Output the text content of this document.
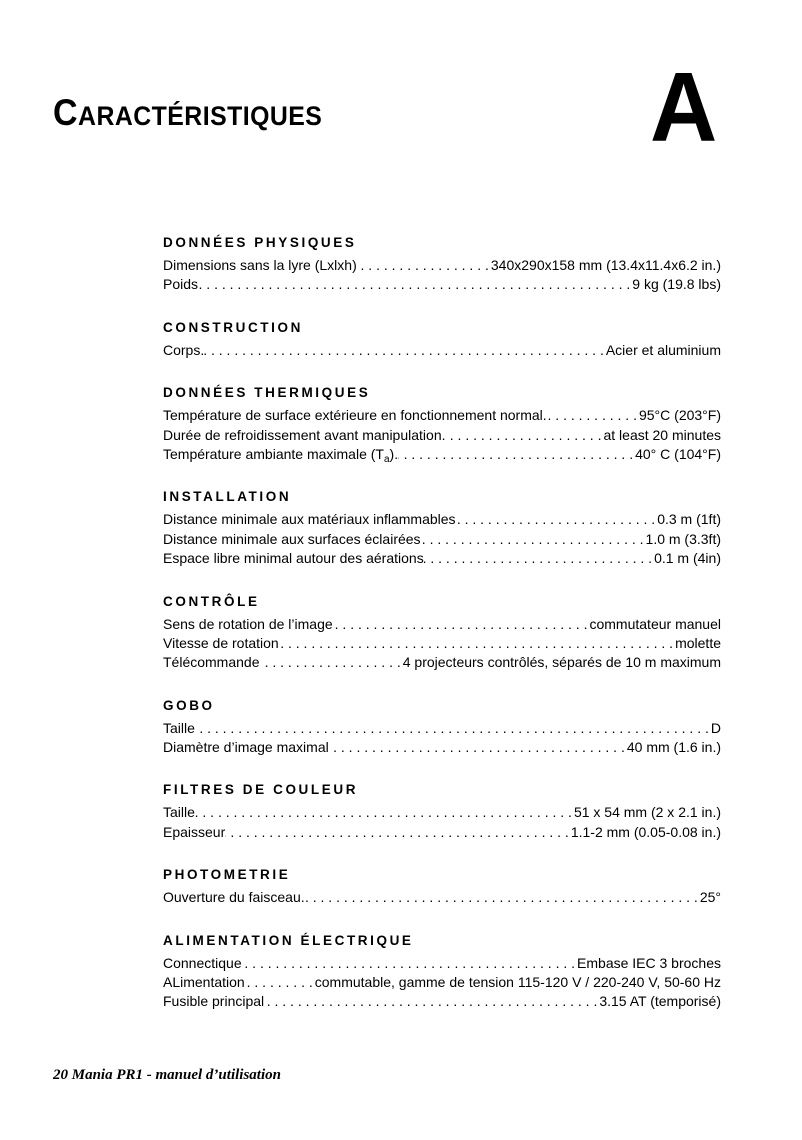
CARACTÉRISTIQUES	A
DONNÉES PHYSIQUES
Dimensions sans la lyre (Lxlxh) . . .	340x290x158 mm (13.4x11.4x6.2 in.)
Poids . . .	9 kg (19.8 lbs)
CONSTRUCTION
Corps. . . .	Acier et aluminium
DONNÉES THERMIQUES
Température de surface extérieure en fonctionnement normal. . . .	95°C (203°F)
Durée de refroidissement avant manipulation. . . .	at least 20 minutes
Température ambiante maximale $(T_a)$. . . .	40° C (104°F)
INSTALLATION
Distance minimale aux matériaux inflammables . . .	0.3 m (1ft)
Distance minimale aux surfaces éclairées . . .	1.0 m (3.3ft)
Espace libre minimal autour des aérations . . .	0.1 m (4in)
CONTRÔLE
Sens de rotation de l’image . . .	commutateur manuel
Vitesse de rotation . . .	molette
Télécommande . . .	4 projecteurs contrôlés, séparés de 10 m maximum
GOBO
Taille . . .	D
Diamètre d’image maximal . . .	40 mm (1.6 in.)
FILTRES DE COULEUR
Taille . . .	51 x 54 mm (2 x 2.1 in.)
Epaisseur . . .	1.1-2 mm (0.05-0.08 in.)
PHOTOMETRIE
Ouverture du faisceau. . . .	25°
ALIMENTATION ÉLECTRIQUE
Connectique . . .	Embase IEC 3 broches
ALimentation . . .	commutable, gamme de tension 115-120 V / 220-240 V, 50-60 Hz
Fusible principal . . .	3.15 AT (temporisé)
20 Mania PR1 - manuel d’utilisation
